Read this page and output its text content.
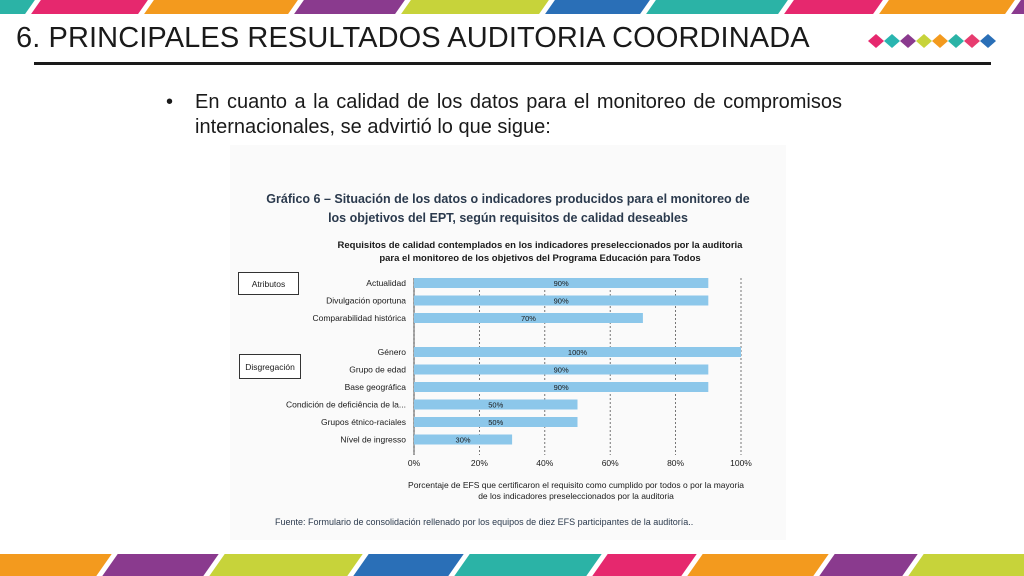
6. PRINCIPALES RESULTADOS AUDITORIA COORDINADA
• En cuanto a la calidad de los datos para el monitoreo de compromisos internacionales, se advirtió lo que sigue:

Gráfico 6 – Situación de los datos o indicadores producidos para el monitoreo de

los objetivos del EPT, según requisitos de calidad deseables

Requisitos de calidad contemplados en los indicadores preseleccionados por la auditoria

para el monitoreo de los objetivos del Programa Educación para Todos

Atributos
Disgregación
0%	20%	40%	60%	80%	100%
Actualidad	90%
Divulgación oportuna	90%
Comparabilidad histórica	70%
Género	100%
Grupo de edad	90%
Base geográfica	90%
Condición de deficiência de la...	50%
Grupos étnico-raciales	50%
Nível de ingresso	30%
Porcentaje de EFS que certificaron el requisito como cumplido por todos o por la mayoria
de los indicadores preseleccionados por la auditoria

Fuente: Formulario de consolidación rellenado por los equipos de diez EFS participantes de la auditoría..
